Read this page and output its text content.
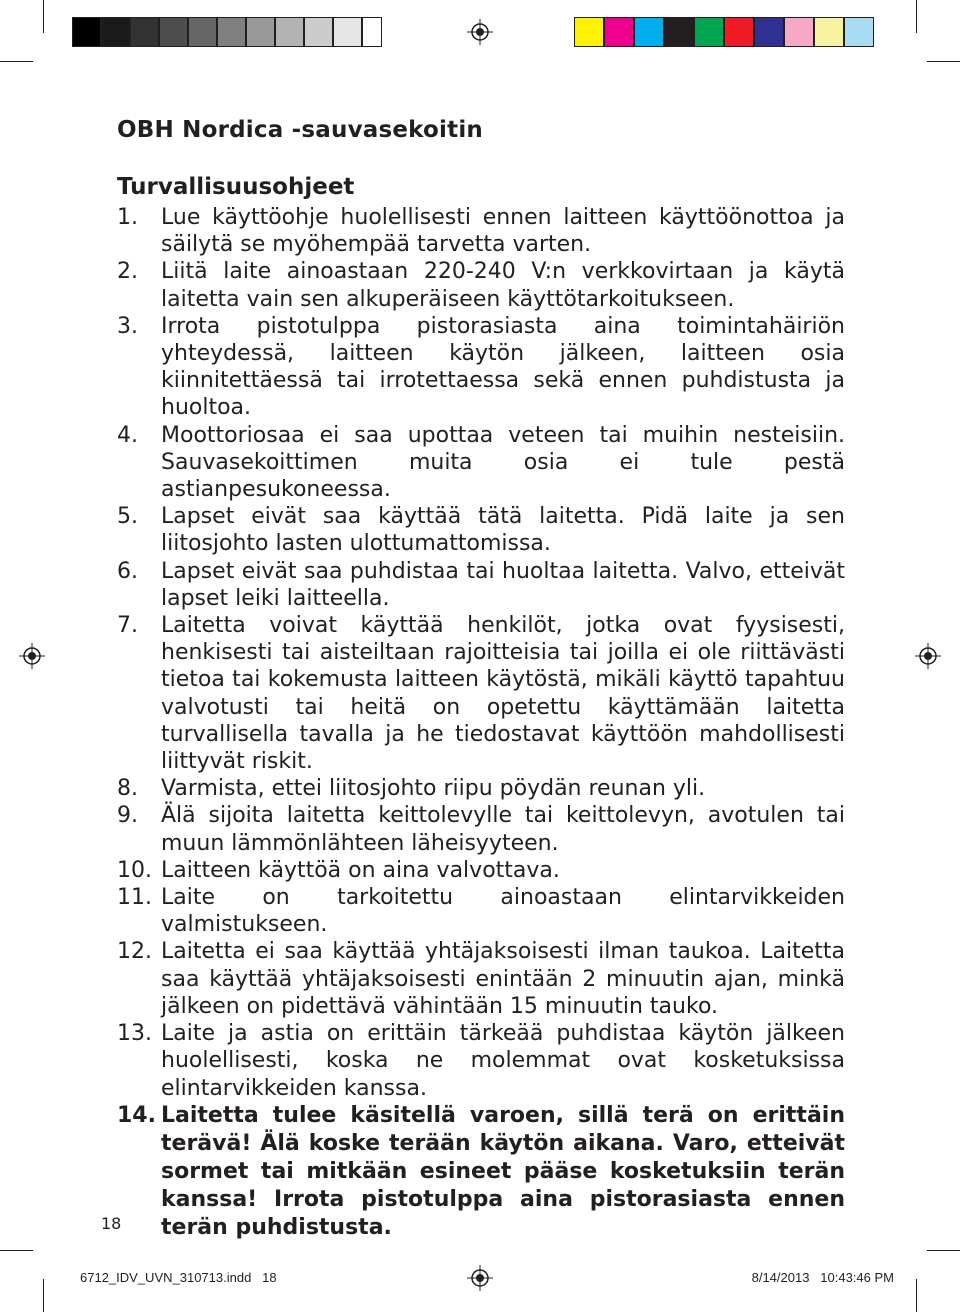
OBH Nordica -sauvasekoitin
Turvallisuusohjeet
1.	Lue käyttöohje huolellisesti ennen laitteen käyttöönottoa ja säilytä se myöhempää tarvetta varten.
2.	Liitä laite ainoastaan 220-240 V:n verkkovirtaan ja käytä laitetta vain sen alkuperäiseen käyttötarkoitukseen.
3.	Irrota pistotulppa pistorasiasta aina toimintahäiriön yhteydessä, laitteen käytön jälkeen, laitteen osia kiinnitettäessä tai irrotettaessa sekä ennen puhdistusta ja huoltoa.
4.	Moottoriosaa ei saa upottaa veteen tai muihin nesteisiin. Sauvasekoittimen muita osia ei tule pestä astianpesukoneessa.
5.	Lapset eivät saa käyttää tätä laitetta. Pidä laite ja sen liitosjohto lasten ulottumattomissa.
6.	Lapset eivät saa puhdistaa tai huoltaa laitetta. Valvo, etteivät lapset leiki laitteella.
7.	Laitetta voivat käyttää henkilöt, jotka ovat fyysisesti, henkisesti tai aisteiltaan rajoitteisia tai joilla ei ole riittävästi tietoa tai kokemusta laitteen käytöstä, mikäli käyttö tapahtuu valvotusti tai heitä on opetettu käyttämään laitetta turvallisella tavalla ja he tiedostavat käyttöön mahdollisesti liittyvät riskit.
8.	Varmista, ettei liitosjohto riipu pöydän reunan yli.
9.	Älä sijoita laitetta keittolevylle tai keittolevyn, avotulen tai muun lämmönlähteen läheisyyteen.
10. Laitteen käyttöä on aina valvottava.
11. Laite on tarkoitettu ainoastaan elintarvikkeiden valmistukseen.
12. Laitetta ei saa käyttää yhtäjaksoisesti ilman taukoa. Laitetta saa käyttää yhtäjaksoisesti enintään 2 minuutin ajan, minkä jälkeen on pidettävä vähintään 15 minuutin tauko.
13. Laite ja astia on erittäin tärkeää puhdistaa käytön jälkeen huolellisesti, koska ne molemmat ovat kosketuksissa elintarvikkeiden kanssa.
14. Laitetta tulee käsitellä varoen, sillä terä on erittäin terävä! Älä koske terään käytön aikana. Varo, etteivät sormet tai mitkään esineet pääse kosketuksiin terän kanssa! Irrota pistotulppa aina pistorasiasta ennen terän puhdistusta.
18
6712_IDV_UVN_310713.indd   18	8/14/2013   10:43:46 PM
